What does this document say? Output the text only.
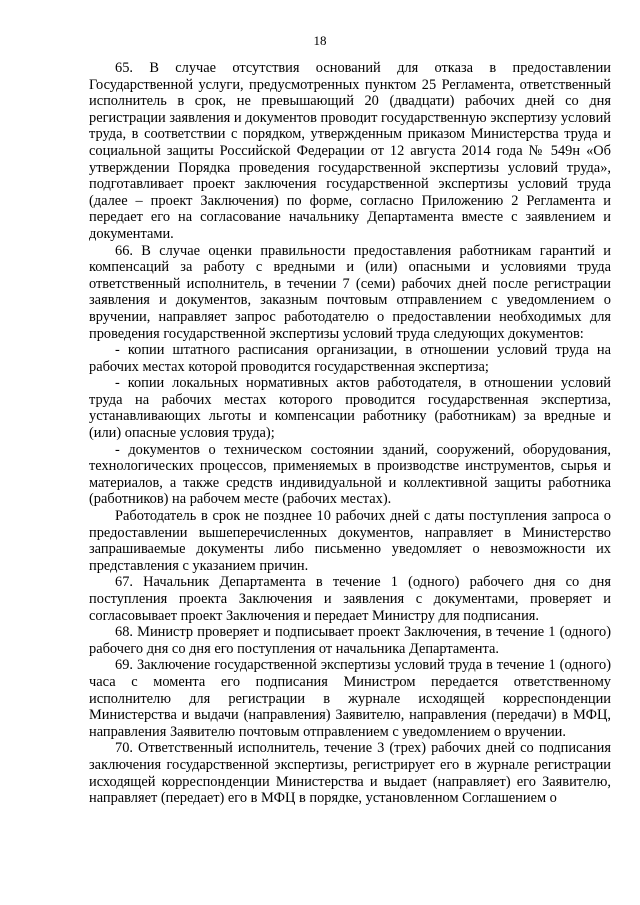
18

65. В случае отсутствия оснований для отказа в предоставлении Государственной услуги, предусмотренных пунктом 25 Регламента, ответственный исполнитель в срок, не превышающий 20 (двадцати) рабочих дней со дня регистрации заявления и документов проводит государственную экспертизу условий труда, в соответствии с порядком, утвержденным приказом Министерства труда и социальной защиты Российской Федерации от 12 августа 2014 года № 549н «Об утверждении Порядка проведения государственной экспертизы условий труда», подготавливает проект заключения государственной экспертизы условий труда (далее – проект Заключения) по форме, согласно Приложению 2 Регламента и передает его на согласование начальнику Департамента вместе с заявлением и документами.

66. В случае оценки правильности предоставления работникам гарантий и компенсаций за работу с вредными и (или) опасными и условиями труда ответственный исполнитель, в течении 7 (семи) рабочих дней после регистрации заявления и документов, заказным почтовым отправлением с уведомлением о вручении, направляет запрос работодателю о предоставлении необходимых для проведения государственной экспертизы условий труда следующих документов:

- копии штатного расписания организации, в отношении условий труда на рабочих местах которой проводится государственная экспертиза;

- копии локальных нормативных актов работодателя, в отношении условий труда на рабочих местах которого проводится государственная экспертиза, устанавливающих льготы и компенсации работнику (работникам) за вредные и (или) опасные условия труда);

- документов о техническом состоянии зданий, сооружений, оборудования, технологических процессов, применяемых в производстве инструментов, сырья и материалов, а также средств индивидуальной и коллективной защиты работника (работников) на рабочем месте (рабочих местах).

Работодатель в срок не позднее 10 рабочих дней с даты поступления запроса о предоставлении вышеперечисленных документов, направляет в Министерство запрашиваемые документы либо письменно уведомляет о невозможности их представления с указанием причин.

67. Начальник Департамента в течение 1 (одного) рабочего дня со дня поступления проекта Заключения и заявления с документами, проверяет и согласовывает проект Заключения и передает Министру для подписания.

68. Министр проверяет и подписывает проект Заключения, в течение 1 (одного) рабочего дня со дня его поступления от начальника Департамента.

69. Заключение государственной экспертизы условий труда в течение 1 (одного) часа с момента его подписания Министром передается ответственному исполнителю для регистрации в журнале исходящей корреспонденции Министерства и выдачи (направления) Заявителю, направления (передачи) в МФЦ, направления Заявителю почтовым отправлением с уведомлением о вручении.

70. Ответственный исполнитель, течение 3 (трех) рабочих дней со подписания заключения государственной экспертизы, регистрирует его в журнале регистрации исходящей корреспонденции Министерства и выдает (направляет) его Заявителю, направляет (передает) его в МФЦ в порядке, установленном Соглашением о
